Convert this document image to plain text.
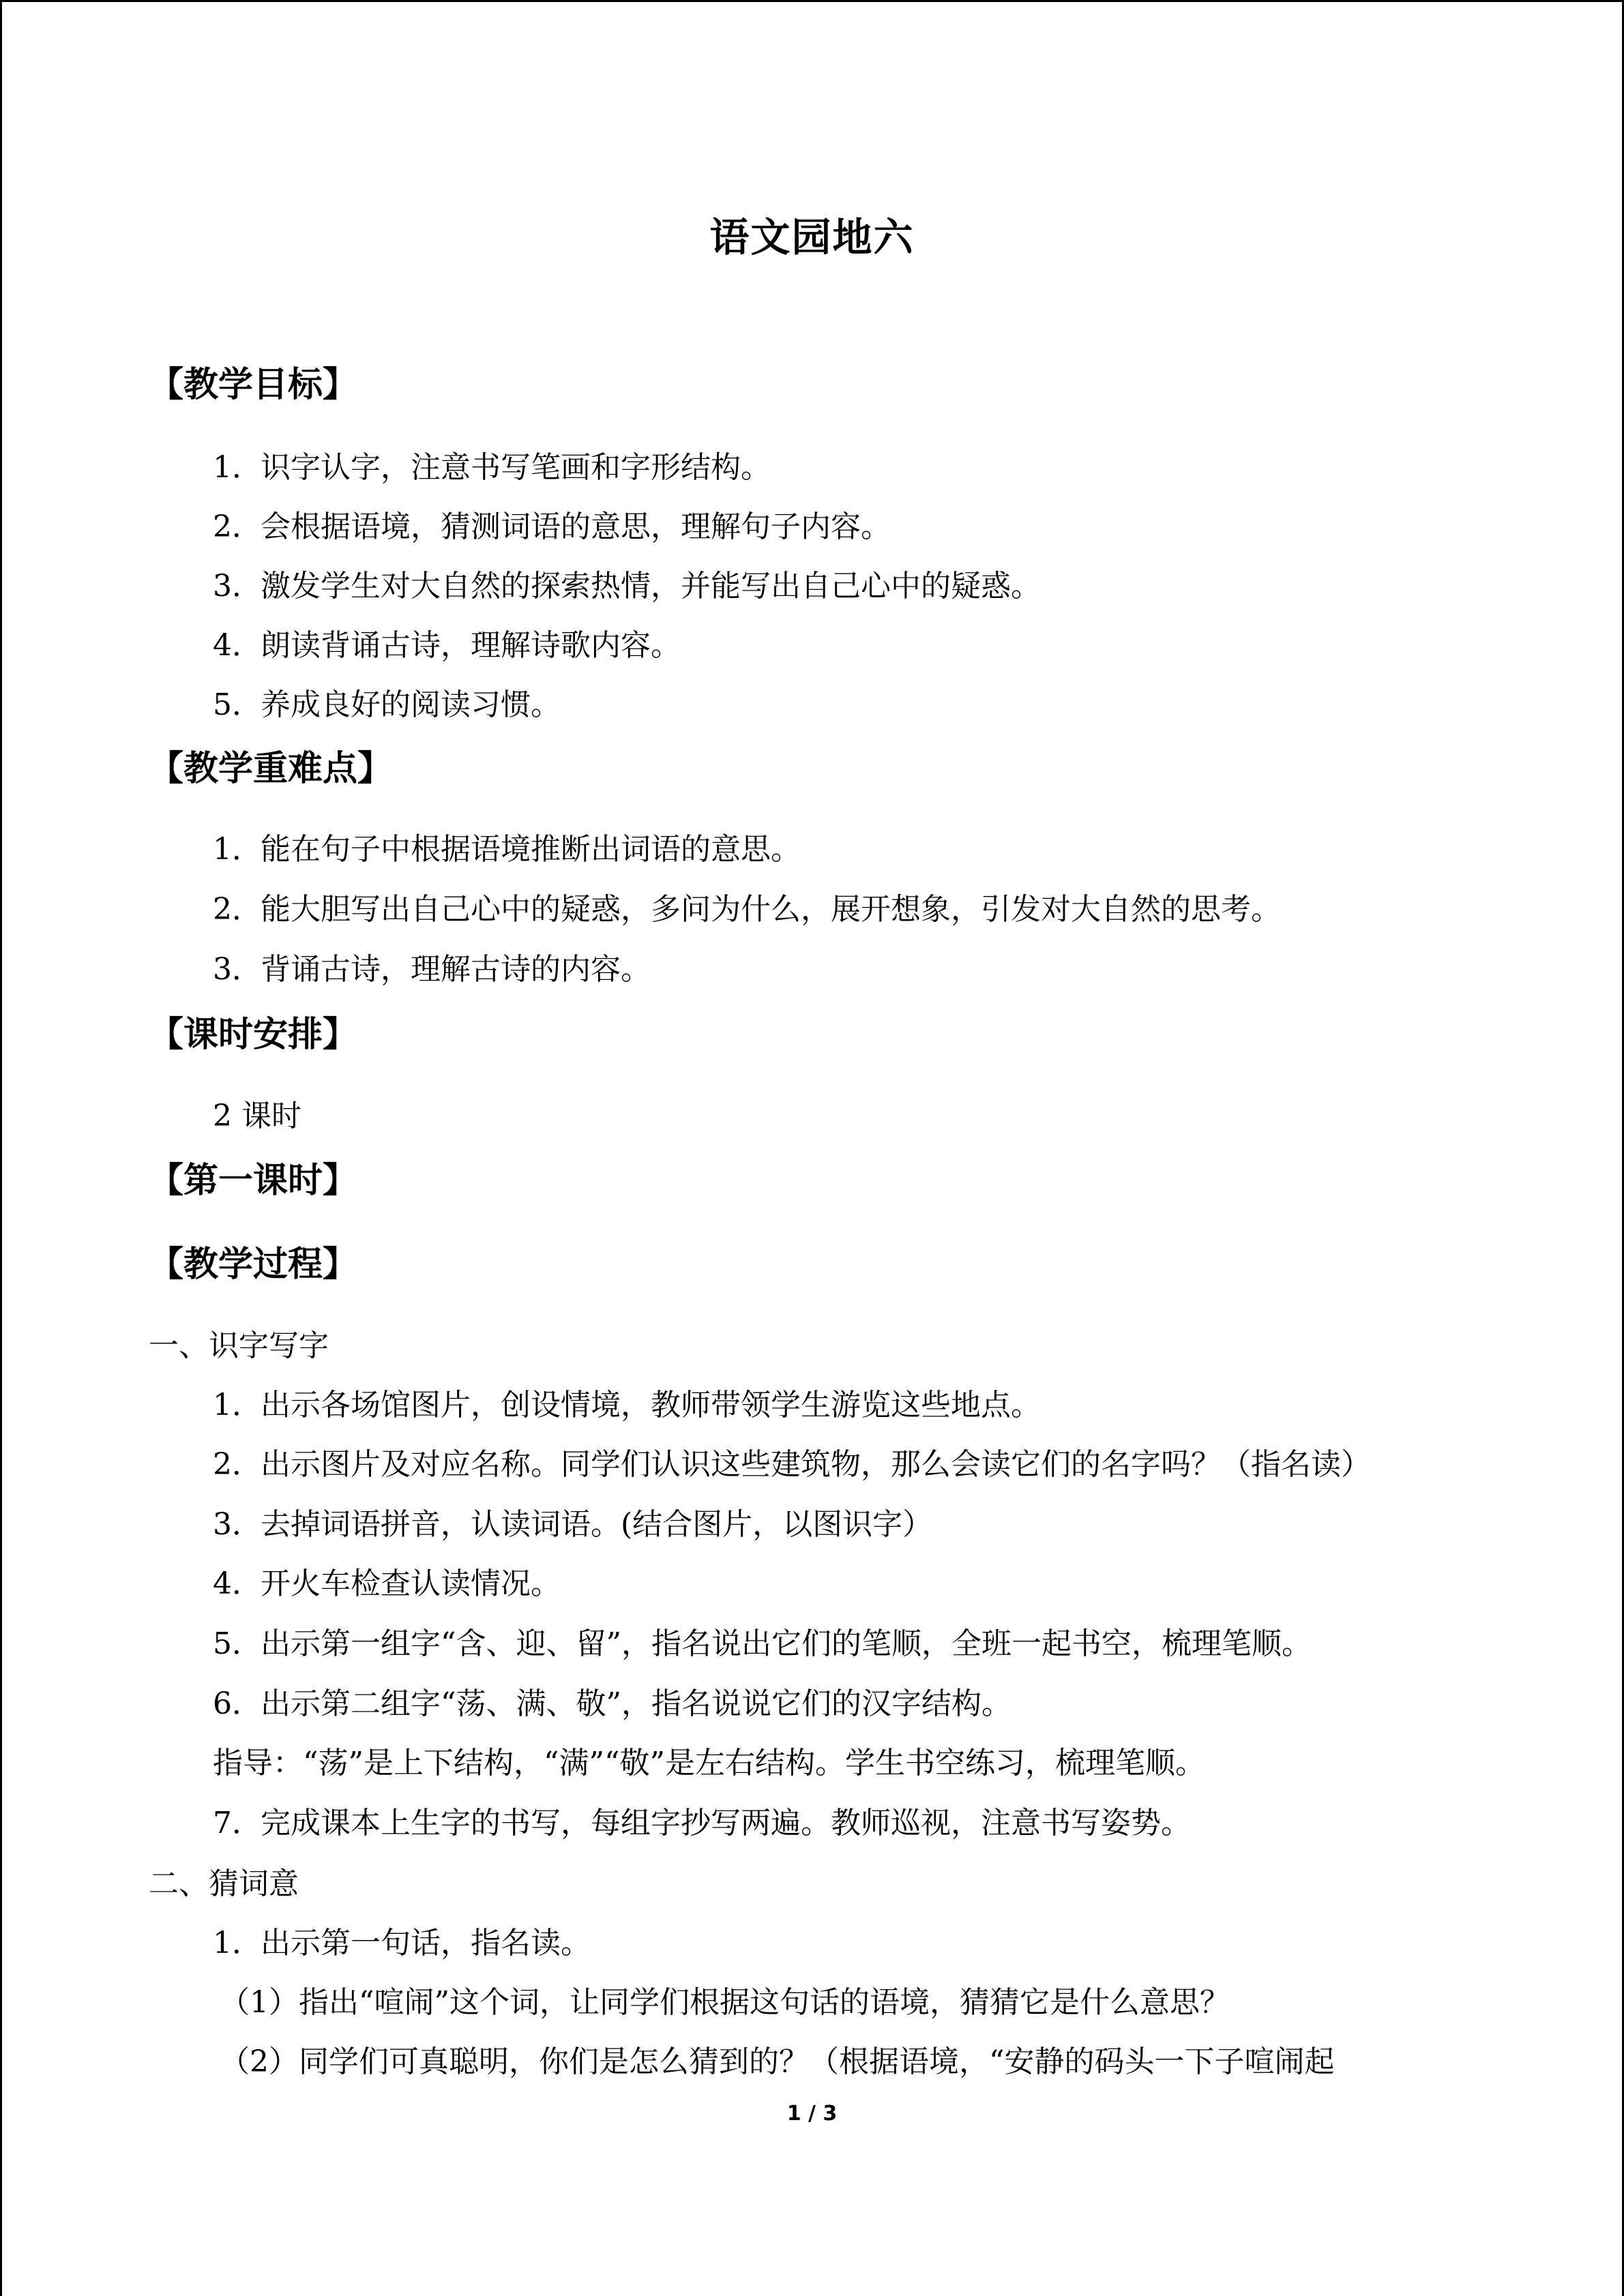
语文园地六
【教学目标】
1．识字认字，注意书写笔画和字形结构。
2．会根据语境，猜测词语的意思，理解句子内容。
3．激发学生对大自然的探索热情，并能写出自己心中的疑惑。
4．朗读背诵古诗，理解诗歌内容。
5．养成良好的阅读习惯。
【教学重难点】
1．能在句子中根据语境推断出词语的意思。
2．能大胆写出自己心中的疑惑，多问为什么，展开想象，引发对大自然的思考。
3．背诵古诗，理解古诗的内容。
【课时安排】
2 课时
【第一课时】
【教学过程】
一、识字写字
1．出示各场馆图片，创设情境，教师带领学生游览这些地点。
2．出示图片及对应名称。同学们认识这些建筑物，那么会读它们的名字吗？（指名读）
3．去掉词语拼音，认读词语。(结合图片，以图识字）
4．开火车检查认读情况。
5．出示第一组字“含、迎、留”，指名说出它们的笔顺，全班一起书空，梳理笔顺。
6．出示第二组字“荡、满、敬”，指名说说它们的汉字结构。
指导：“荡”是上下结构，“满”“敬”是左右结构。学生书空练习，梳理笔顺。
7．完成课本上生字的书写，每组字抄写两遍。教师巡视，注意书写姿势。
二、猜词意
1．出示第一句话，指名读。
（1）指出“喧闹”这个词，让同学们根据这句话的语境，猜猜它是什么意思？
（2）同学们可真聪明，你们是怎么猜到的？（根据语境，“安静的码头一下子喧闹起
1 / 3
